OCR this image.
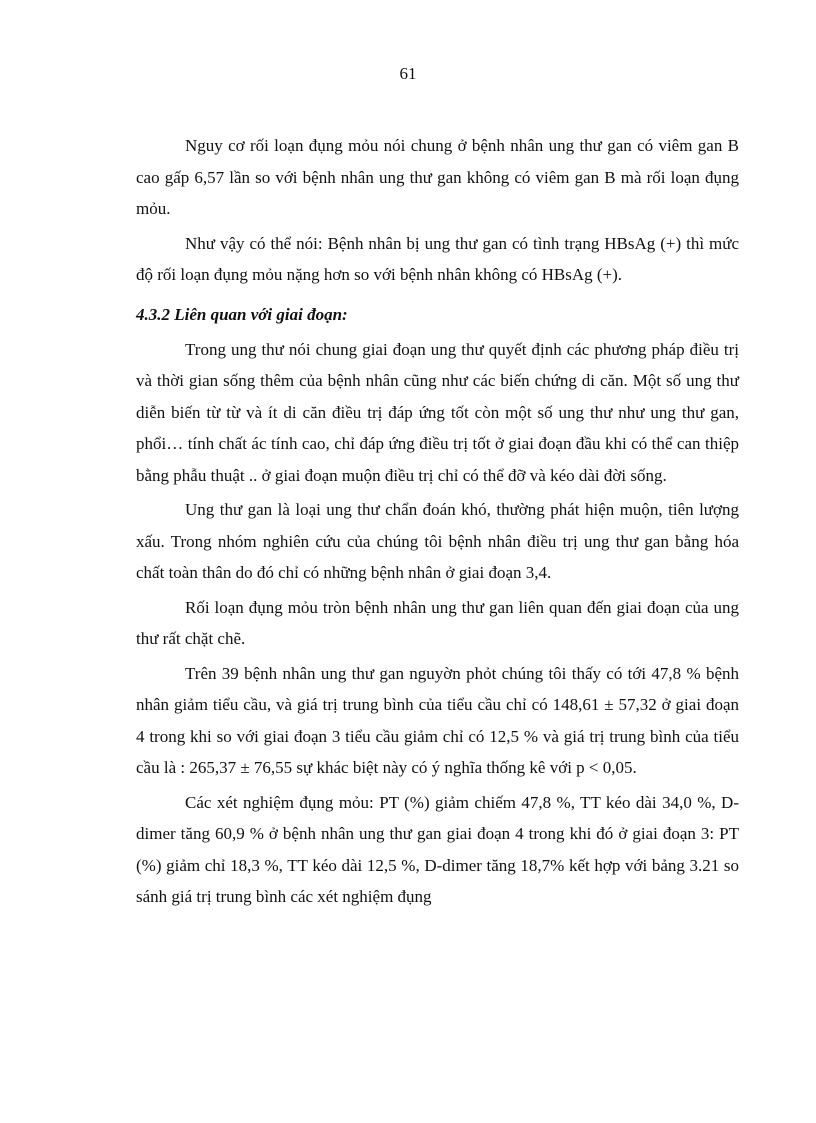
61

Nguy cơ rối loạn đụng mỏu nói chung ở bệnh nhân ung thư gan có viêm gan B cao gấp 6,57 lần so với bệnh nhân ung thư gan không có viêm gan B mà rối loạn đụng mỏu.

Như vậy có thể nói: Bệnh nhân bị ung thư gan có tình trạng HBsAg (+) thì mức độ rối loạn đụng mỏu nặng hơn so với bệnh nhân không có HBsAg (+).

4.3.2 Liên quan với giai đoạn:

Trong ung thư nói chung giai đoạn ung thư quyết định các phương pháp điều trị và thời gian sống thêm của bệnh nhân cũng như các biến chứng di căn. Một số ung thư diễn biến từ từ và ít di căn điều trị đáp ứng tốt còn một số ung thư như ung thư gan, phổi… tính chất ác tính cao, chỉ đáp ứng điều trị tốt ở giai đoạn đầu khi có thể can thiệp bằng phẫu thuật .. ở giai đoạn muộn điều trị chỉ có thể đỡ và kéo dài đời sống.

Ung thư gan là loại ung thư chẩn đoán khó, thường phát hiện muộn, tiên lượng xấu. Trong nhóm nghiên cứu của chúng tôi bệnh nhân điều trị ung thư gan bằng hóa chất toàn thân do đó chỉ có những bệnh nhân ở giai đoạn 3,4.

Rối loạn đụng mỏu tròn bệnh nhân ung thư gan liên quan đến giai đoạn của ung thư rất chặt chẽ.

Trên 39 bệnh nhân ung thư gan nguyờn phỏt chúng tôi thấy có tới 47,8 % bệnh nhân giảm tiểu cầu, và giá trị trung bình của tiểu cầu chỉ có 148,61 ± 57,32 ở giai đoạn 4 trong khi so với giai đoạn 3 tiểu cầu giảm chỉ có 12,5 % và giá trị trung bình của tiểu cầu là : 265,37 ± 76,55 sự khác biệt này có ý nghĩa thống kê với p < 0,05.

Các xét nghiệm đụng mỏu: PT (%) giảm chiếm 47,8 %, TT kéo dài 34,0 %, D-dimer tăng 60,9 % ở bệnh nhân ung thư gan giai đoạn 4 trong khi đó ở giai đoạn 3: PT (%) giảm chỉ 18,3 %, TT kéo dài 12,5 %, D-dimer tăng 18,7% kết hợp với bảng 3.21 so sánh giá trị trung bình các xét nghiệm đụng
